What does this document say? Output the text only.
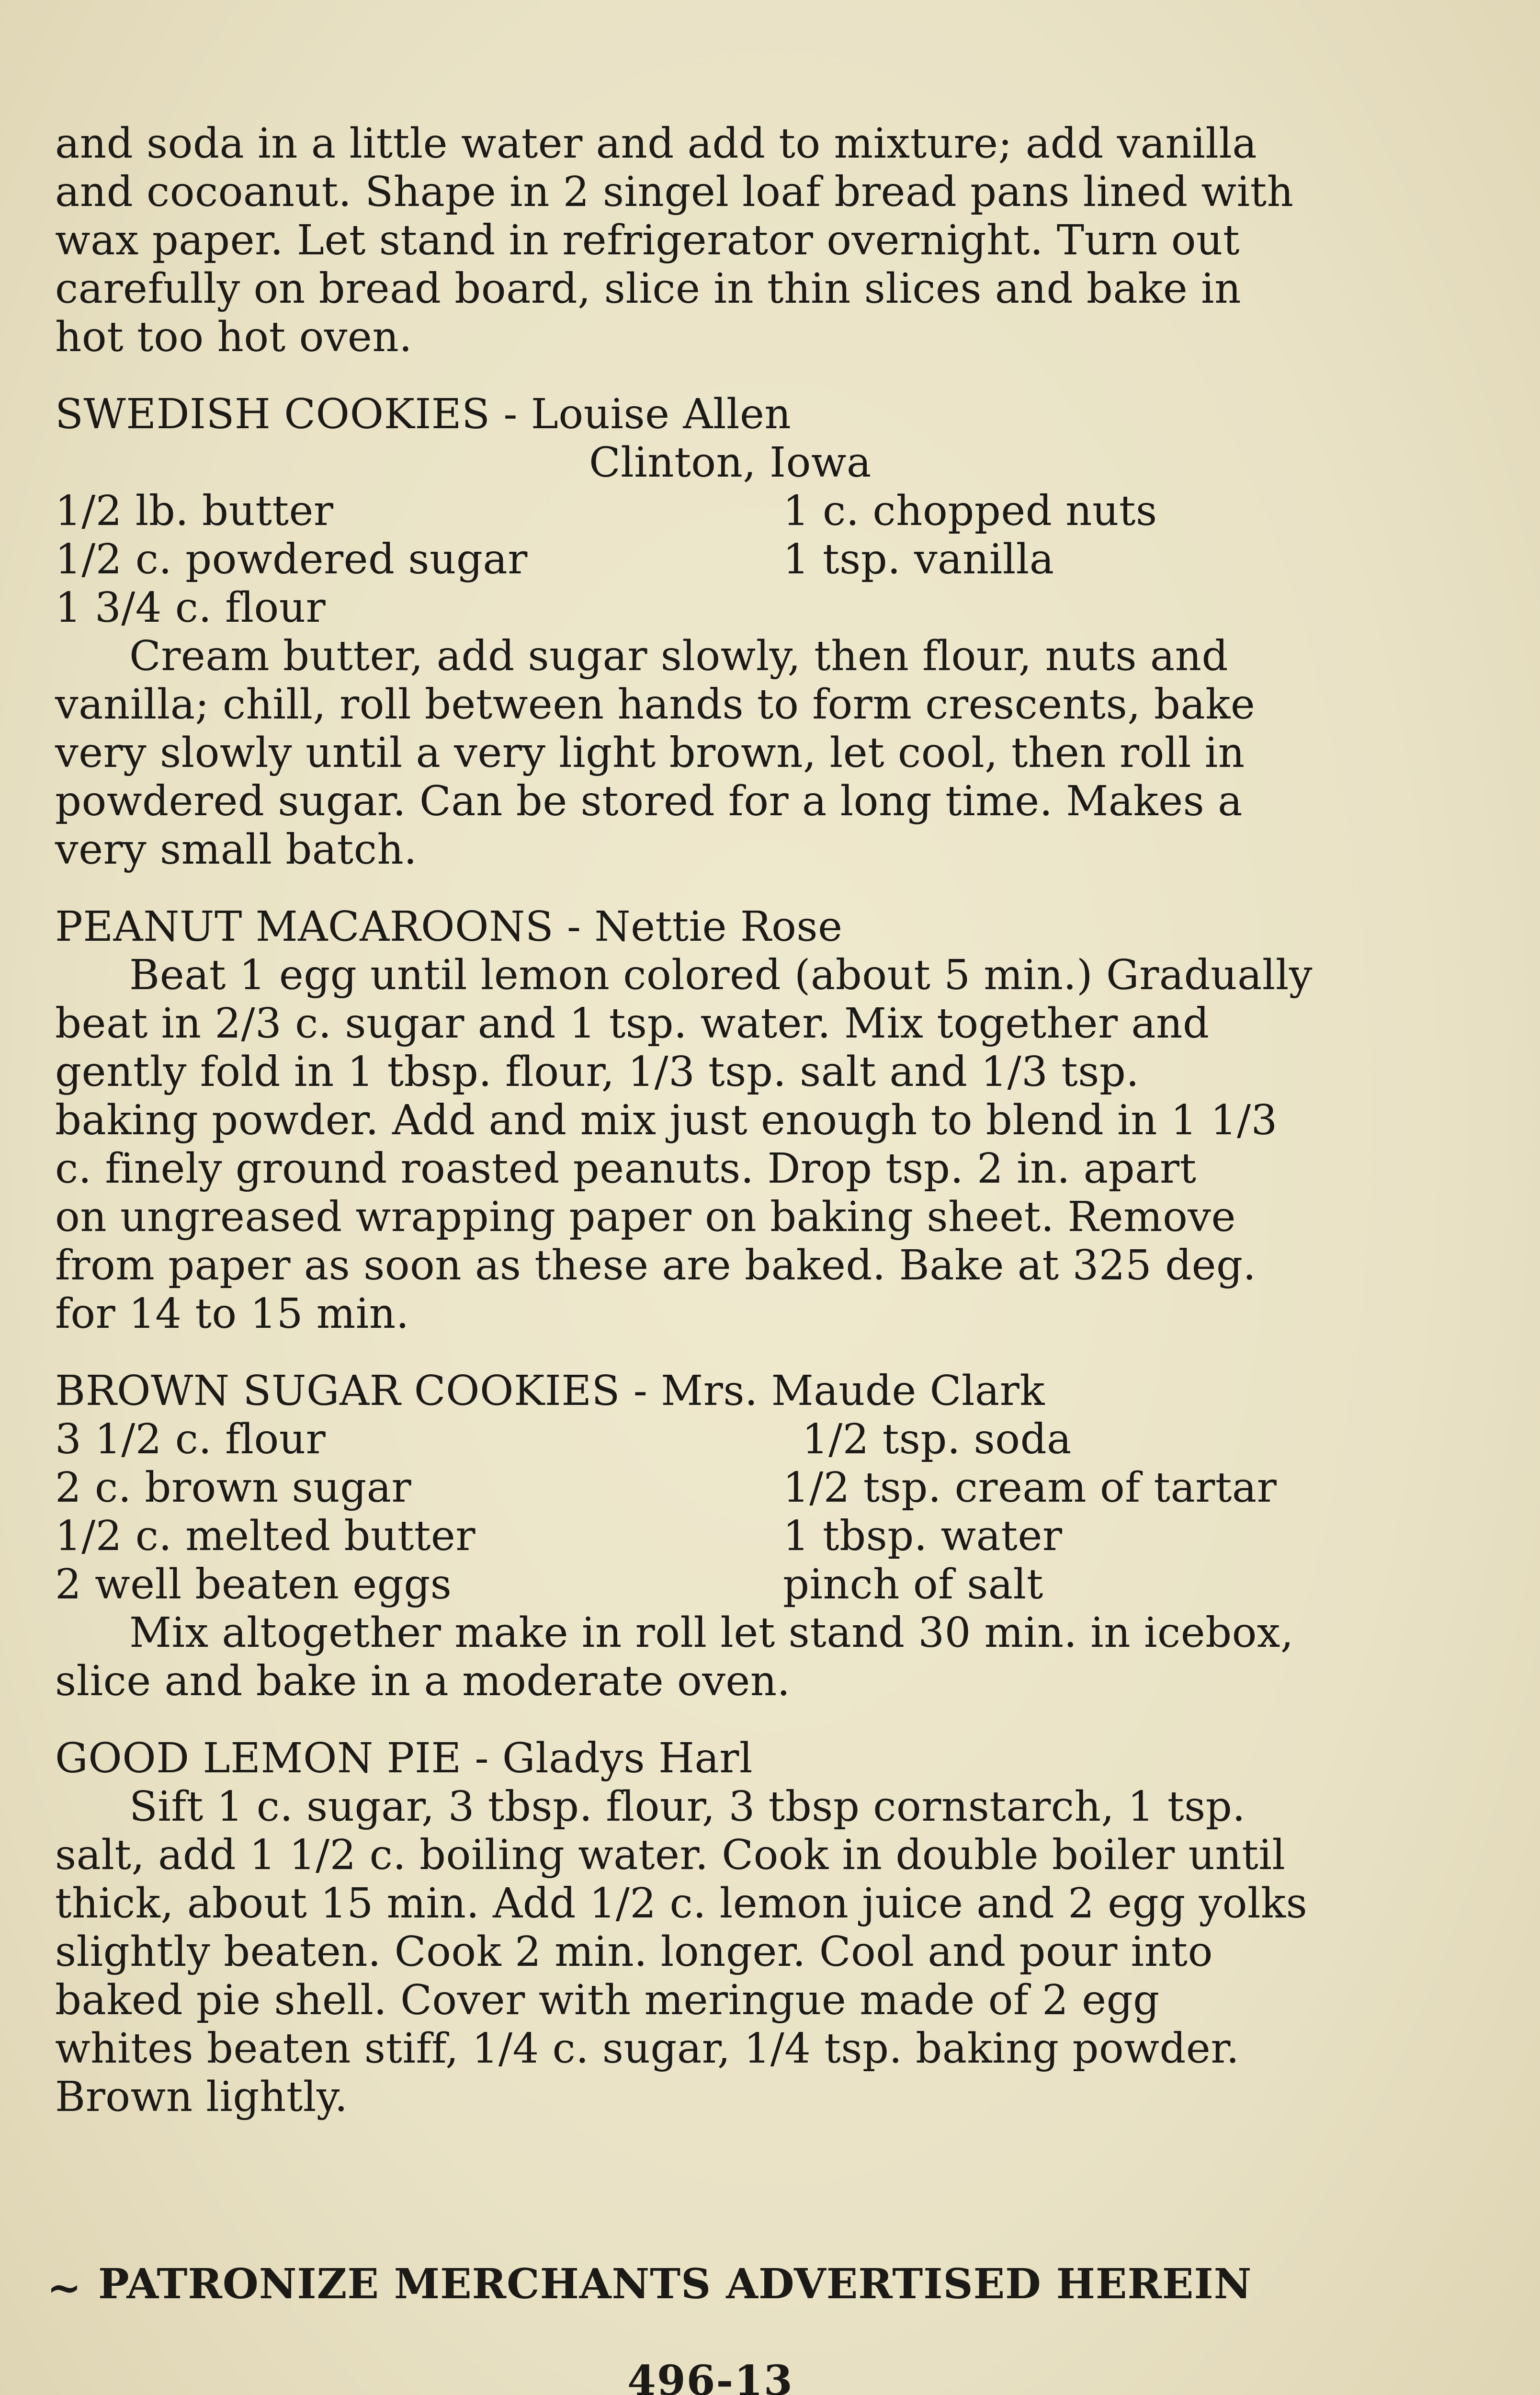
and soda in a little water and add to mixture; add vanilla
and cocoanut. Shape in 2 singel loaf bread pans lined with
wax paper. Let stand in refrigerator overnight. Turn out
carefully on bread board, slice in thin slices and bake in
hot too hot oven.
SWEDISH COOKIES - Louise Allen
Clinton, Iowa
1/2 lb. butter	1 c. chopped nuts
1/2 c. powdered sugar	1 tsp. vanilla
1 3/4 c. flour
Cream butter, add sugar slowly, then flour, nuts and
vanilla; chill, roll between hands to form crescents, bake
very slowly until a very light brown, let cool, then roll in
powdered sugar. Can be stored for a long time. Makes a
very small batch.
PEANUT MACAROONS - Nettie Rose
Beat 1 egg until lemon colored (about 5 min.) Gradually
beat in 2/3 c. sugar and 1 tsp. water. Mix together and
gently fold in 1 tbsp. flour, 1/3 tsp. salt and 1/3 tsp.
baking powder. Add and mix just enough to blend in 1 1/3
c. finely ground roasted peanuts. Drop tsp. 2 in. apart
on ungreased wrapping paper on baking sheet. Remove
from paper as soon as these are baked. Bake at 325 deg.
for 14 to 15 min.
BROWN SUGAR COOKIES - Mrs. Maude Clark
3 1/2 c. flour	1/2 tsp. soda
2 c. brown sugar	1/2 tsp. cream of tartar
1/2 c. melted butter	1 tbsp. water
2 well beaten eggs	pinch of salt
Mix altogether make in roll let stand 30 min. in icebox,
slice and bake in a moderate oven.
GOOD LEMON PIE - Gladys Harl
Sift 1 c. sugar, 3 tbsp. flour, 3 tbsp cornstarch, 1 tsp.
salt, add 1 1/2 c. boiling water. Cook in double boiler until
thick, about 15 min. Add 1/2 c. lemon juice and 2 egg yolks
slightly beaten. Cook 2 min. longer. Cool and pour into
baked pie shell. Cover with meringue made of 2 egg
whites beaten stiff, 1/4 c. sugar, 1/4 tsp. baking powder.
Brown lightly.
~ PATRONIZE MERCHANTS ADVERTISED HEREIN
496-13
